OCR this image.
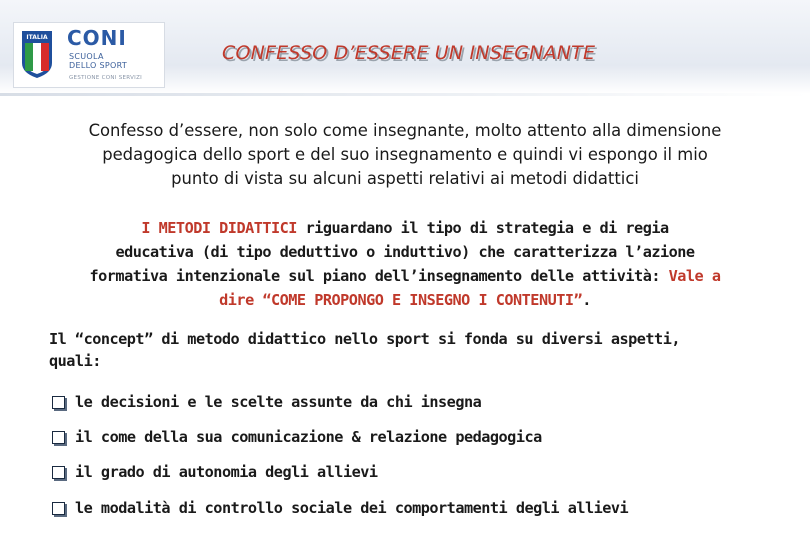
ITALIA CONI
SCUOLA
DELLO SPORT
GESTIONE CONI SERVIZI
CONFESSO D’ESSERE UN INSEGNANTE
Confesso d’essere, non solo come insegnante, molto attento alla dimensione
pedagogica dello sport e del suo insegnamento e quindi vi espongo il mio
punto di vista su alcuni aspetti relativi ai metodi didattici
I METODI DIDATTICI riguardano il tipo di strategia e di regia
educativa (di tipo deduttivo o induttivo) che caratterizza l’azione
formativa intenzionale sul piano dell’insegnamento delle attività: Vale a
dire “COME PROPONGO E INSEGNO I CONTENUTI”.
Il “concept” di metodo didattico nello sport si fonda su diversi aspetti,
quali:
le decisioni e le scelte assunte da chi insegna
il come della sua comunicazione & relazione pedagogica
il grado di autonomia degli allievi
le modalità di controllo sociale dei comportamenti degli allievi
